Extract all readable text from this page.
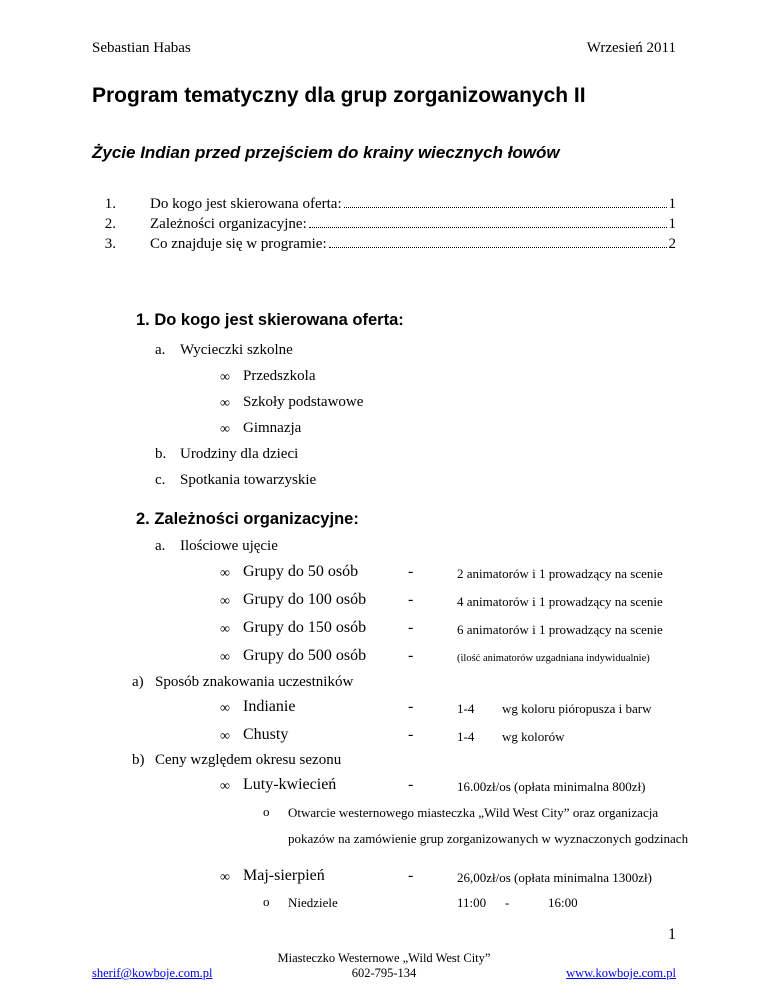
Sebastian Habas	Wrzesień 2011
Program tematyczny dla grup zorganizowanych II
Życie Indian przed przejściem do krainy wiecznych łowów
1. Do kogo jest skierowana oferta:	1
2. Zależności organizacyjne:	1
3. Co znajduje się w programie:	2
1. Do kogo jest skierowana oferta:
a. Wycieczki szkolne
∞ Przedszkola
∞ Szkoły podstawowe
∞ Gimnazja
b. Urodziny dla dzieci
c. Spotkania towarzyskie
2. Zależności organizacyjne:
a. Ilościowe ujęcie
∞ Grupy do 50 osób	-	2 animatorów i 1 prowadzący na scenie
∞ Grupy do 100 osób	-	4 animatorów i 1 prowadzący na scenie
∞ Grupy do 150 osób	-	6 animatorów i 1 prowadzący na scenie
∞ Grupy do 500 osób	-	(ilość animatorów uzgadniana indywidualnie)
a) Sposób znakowania uczestników
∞ Indianie	-	1-4 wg koloru pióropusza i barw
∞ Chusty	-	1-4 wg kolorów
b) Ceny względem okresu sezonu
∞ Luty-kwiecień	-	16.00zł/os (opłata minimalna 800zł)
o Otwarcie westernowego miasteczka „Wild West City” oraz organizacja
pokazów na zamówienie grup zorganizowanych w wyznaczonych godzinach
∞ Maj-sierpień	-	26,00zł/os (opłata minimalna 1300zł)
o Niedziele	11:00 -	16:00
1
sherif@kowboje.com.pl
Miasteczko Westernowe „Wild West City”
602-795-134	www.kowboje.com.pl
